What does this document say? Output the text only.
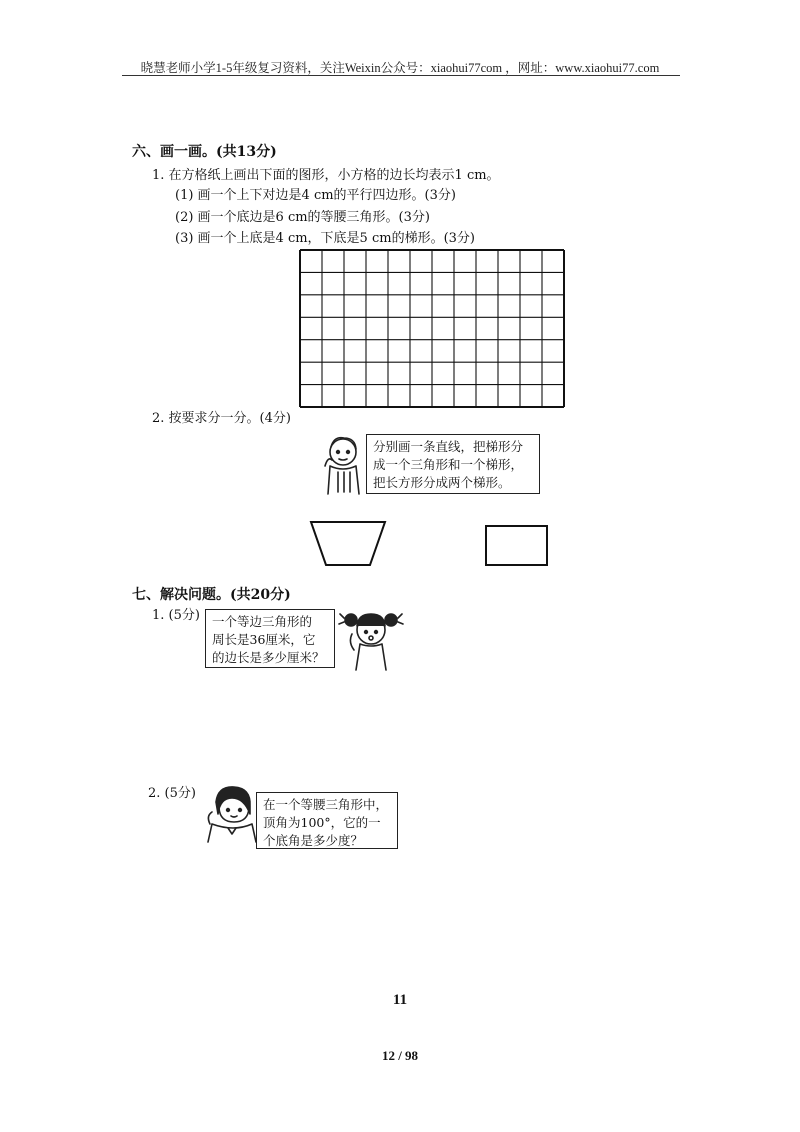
晓慧老师小学1-5年级复习资料，关注Weixin公众号：xiaohui77com ，网址：www.xiaohui77.com
六、画一画。(共13分)
1. 在方格纸上画出下面的图形，小方格的边长均表示1 cm。
(1) 画一个上下对边是4 cm的平行四边形。(3分)
(2) 画一个底边是6 cm的等腰三角形。(3分)
(3) 画一个上底是4 cm，下底是5 cm的梯形。(3分)
2. 按要求分一分。(4分)
分别画一条直线，把梯形分
成一个三角形和一个梯形，
把长方形分成两个梯形。
七、解决问题。(共20分)
1. (5分) 一个等边三角形的
周长是36厘米，它
的边长是多少厘米？
2. (5分)
在一个等腰三角形中，
顶角为100°，它的一
个底角是多少度？
11
12 / 98
